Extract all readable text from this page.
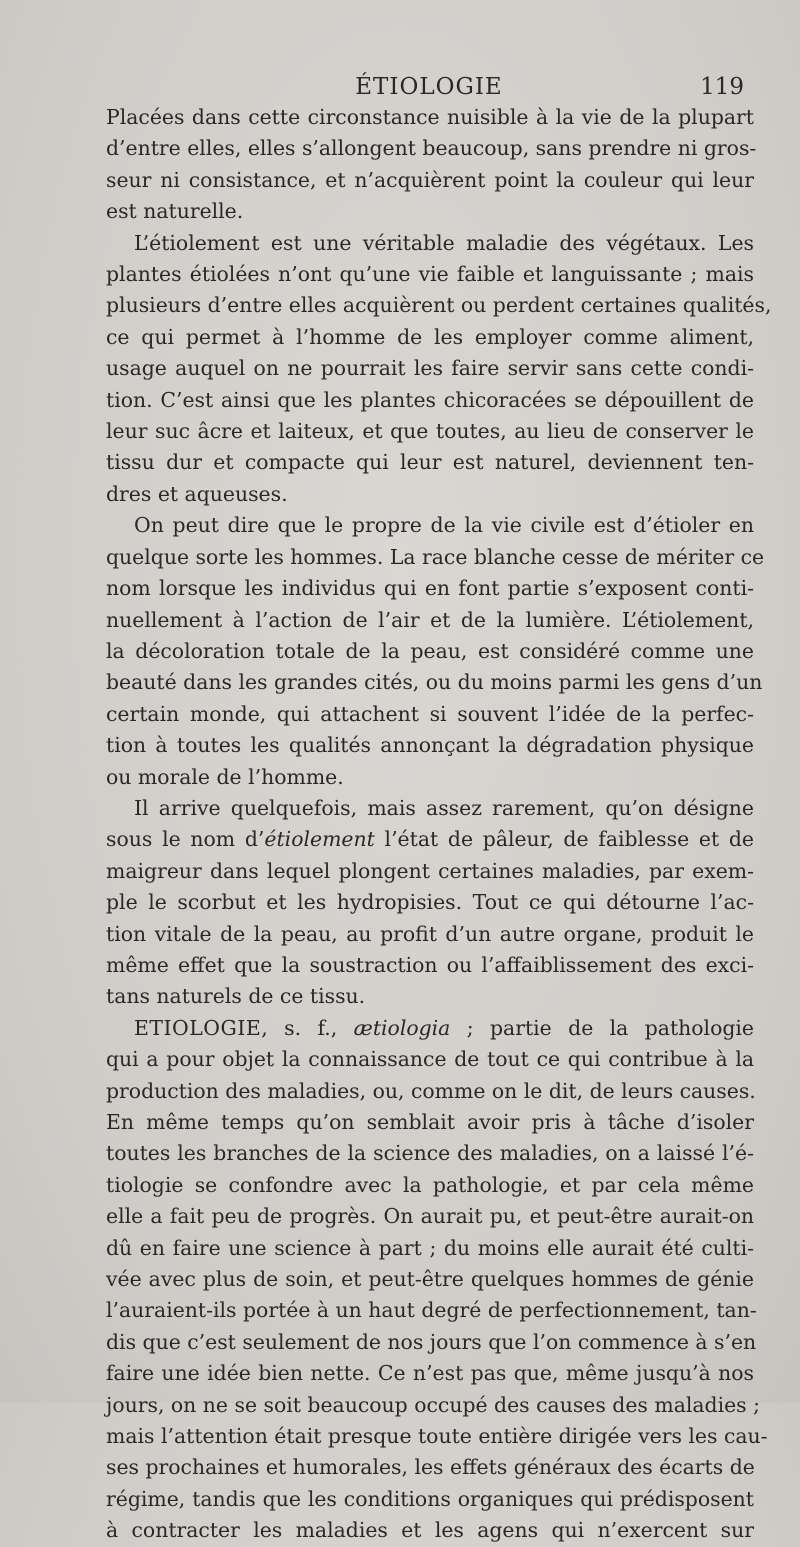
ÉTIOLOGIE	119
Placées dans cette circonstance nuisible à la vie de la plupart
d’entre elles, elles s’allongent beaucoup, sans prendre ni gros-
seur ni consistance, et n’acquièrent point la couleur qui leur
est naturelle.
L’étiolement est une véritable maladie des végétaux. Les
plantes étiolées n’ont qu’une vie faible et languissante ; mais
plusieurs d’entre elles acquièrent ou perdent certaines qualités,
ce qui permet à l’homme de les employer comme aliment,
usage auquel on ne pourrait les faire servir sans cette condi-
tion. C’est ainsi que les plantes chicoracées se dépouillent de
leur suc âcre et laiteux, et que toutes, au lieu de conserver le
tissu dur et compacte qui leur est naturel, deviennent ten-
dres et aqueuses.
On peut dire que le propre de la vie civile est d’étioler en
quelque sorte les hommes. La race blanche cesse de mériter ce
nom lorsque les individus qui en font partie s’exposent conti-
nuellement à l’action de l’air et de la lumière. L’étiolement,
la décoloration totale de la peau, est considéré comme une
beauté dans les grandes cités, ou du moins parmi les gens d’un
certain monde, qui attachent si souvent l’idée de la perfec-
tion à toutes les qualités annonçant la dégradation physique
ou morale de l’homme.
Il arrive quelquefois, mais assez rarement, qu’on désigne
sous le nom d’étiolement l’état de pâleur, de faiblesse et de
maigreur dans lequel plongent certaines maladies, par exem-
ple le scorbut et les hydropisies. Tout ce qui détourne l’ac-
tion vitale de la peau, au profit d’un autre organe, produit le
même effet que la soustraction ou l’affaiblissement des exci-
tans naturels de ce tissu.
ETIOLOGIE, s. f., ætiologia ; partie de la pathologie
qui a pour objet la connaissance de tout ce qui contribue à la
production des maladies, ou, comme on le dit, de leurs causes.
En même temps qu’on semblait avoir pris à tâche d’isoler
toutes les branches de la science des maladies, on a laissé l’é-
tiologie se confondre avec la pathologie, et par cela même
elle a fait peu de progrès. On aurait pu, et peut-être aurait-on
dû en faire une science à part ; du moins elle aurait été culti-
vée avec plus de soin, et peut-être quelques hommes de génie
l’auraient-ils portée à un haut degré de perfectionnement, tan-
dis que c’est seulement de nos jours que l’on commence à s’en
faire une idée bien nette. Ce n’est pas que, même jusqu’à nos
jours, on ne se soit beaucoup occupé des causes des maladies ;
mais l’attention était presque toute entière dirigée vers les cau-
ses prochaines et humorales, les effets généraux des écarts de
régime, tandis que les conditions organiques qui prédisposent
à contracter les maladies et les agens qui n’exercent sur
